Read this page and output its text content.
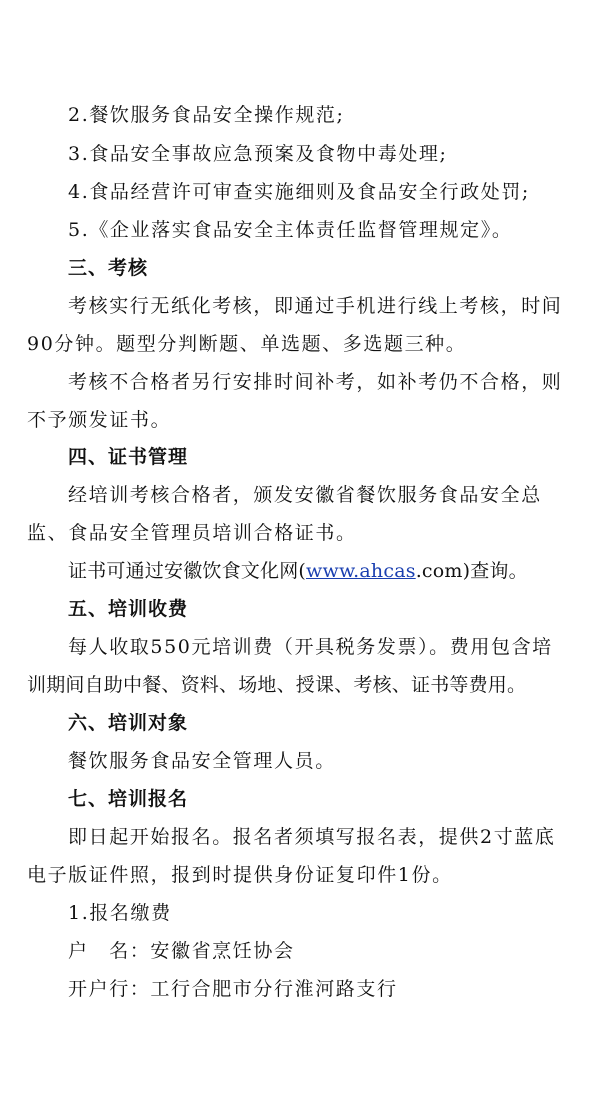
2.餐饮服务食品安全操作规范;
3.食品安全事故应急预案及食物中毒处理;
4.食品经营许可审查实施细则及食品安全行政处罚;
5.《企业落实食品安全主体责任监督管理规定》。
三、考核
考核实行无纸化考核，即通过手机进行线上考核，时间
90分钟。题型分判断题、单选题、多选题三种。
考核不合格者另行安排时间补考，如补考仍不合格，则
不予颁发证书。
四、证书管理
经培训考核合格者，颁发安徽省餐饮服务食品安全总
监、食品安全管理员培训合格证书。
证书可通过安徽饮食文化网(www.ahcas.com)查询。
五、培训收费
每人收取550元培训费（开具税务发票）。费用包含培
训期间自助中餐、资料、场地、授课、考核、证书等费用。
六、培训对象
餐饮服务食品安全管理人员。
七、培训报名
即日起开始报名。报名者须填写报名表，提供2寸蓝底
电子版证件照，报到时提供身份证复印件1份。
1.报名缴费
户　名：安徽省烹饪协会
开户行：工行合肥市分行淮河路支行
